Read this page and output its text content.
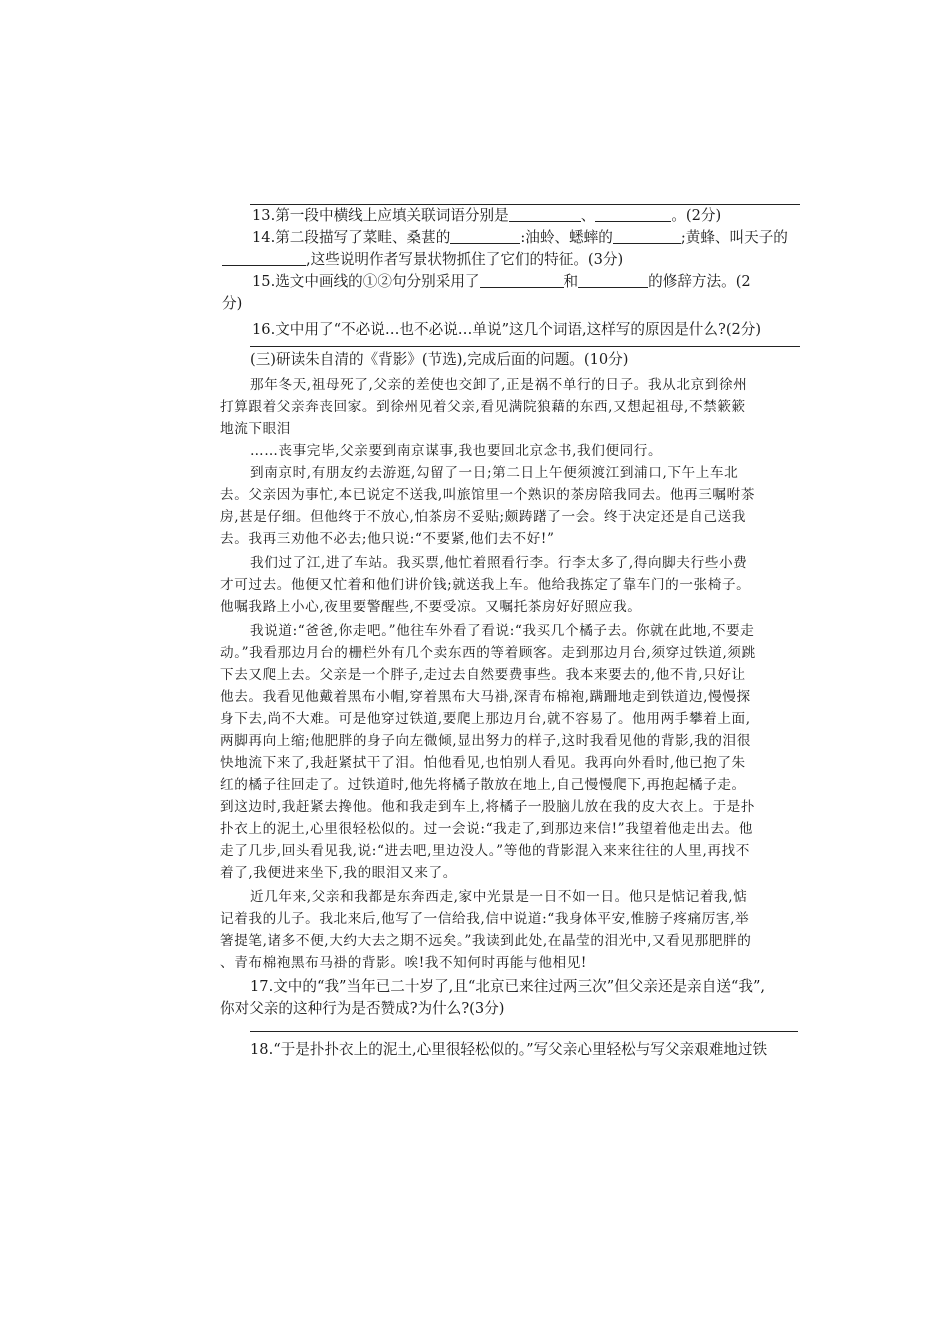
13.第一段中横线上应填关联词语分别是	、	。(2分)
14.第二段描写了菜畦、桑葚的	:油蛉、蟋蟀的	;黄蜂、叫天子的
,这些说明作者写景状物抓住了它们的特征。(3分)
15.选文中画线的①②句分别采用了	和	的修辞方法。(2
分)
16.文中用了“不必说…也不必说…单说”这几个词语,这样写的原因是什么?(2分)
(三)研读朱自清的《背影》(节选),完成后面的问题。(10分)
那年冬天,祖母死了,父亲的差使也交卸了,正是祸不单行的日子。我从北京到徐州
打算跟着父亲奔丧回家。到徐州见着父亲,看见满院狼藉的东西,又想起祖母,不禁簌簌
地流下眼泪
……丧事完毕,父亲要到南京谋事,我也要回北京念书,我们便同行。
到南京时,有朋友约去游逛,勾留了一日;第二日上午便须渡江到浦口,下午上车北
去。父亲因为事忙,本已说定不送我,叫旅馆里一个熟识的茶房陪我同去。他再三嘱咐茶
房,甚是仔细。但他终于不放心,怕茶房不妥贴;颇踌躇了一会。终于决定还是自己送我
去。我再三劝他不必去;他只说:“不要紧,他们去不好!”
我们过了江,进了车站。我买票,他忙着照看行李。行李太多了,得向脚夫行些小费
才可过去。他便又忙着和他们讲价钱;就送我上车。他给我拣定了靠车门的一张椅子。
他嘱我路上小心,夜里要警醒些,不要受凉。又嘱托茶房好好照应我。
我说道:“爸爸,你走吧。”他往车外看了看说:“我买几个橘子去。你就在此地,不要走
动。”我看那边月台的栅栏外有几个卖东西的等着顾客。走到那边月台,须穿过铁道,须跳
下去又爬上去。父亲是一个胖子,走过去自然要费事些。我本来要去的,他不肯,只好让
他去。我看见他戴着黑布小帽,穿着黑布大马褂,深青布棉袍,蹒跚地走到铁道边,慢慢探
身下去,尚不大难。可是他穿过铁道,要爬上那边月台,就不容易了。他用两手攀着上面,
两脚再向上缩;他肥胖的身子向左微倾,显出努力的样子,这时我看见他的背影,我的泪很
快地流下来了,我赶紧拭干了泪。怕他看见,也怕别人看见。我再向外看时,他已抱了朱
红的橘子往回走了。过铁道时,他先将橘子散放在地上,自己慢慢爬下,再抱起橘子走。
到这边时,我赶紧去搀他。他和我走到车上,将橘子一股脑儿放在我的皮大衣上。于是扑
扑衣上的泥土,心里很轻松似的。过一会说:“我走了,到那边来信!”我望着他走出去。他
走了几步,回头看见我,说:“进去吧,里边没人。”等他的背影混入来来往往的人里,再找不
着了,我便进来坐下,我的眼泪又来了。
近几年来,父亲和我都是东奔西走,家中光景是一日不如一日。他只是惦记着我,惦
记着我的儿子。我北来后,他写了一信给我,信中说道:“我身体平安,惟膀子疼痛厉害,举
箸提笔,诸多不便,大约大去之期不远矣。”我读到此处,在晶莹的泪光中,又看见那肥胖的
、青布棉袍黑布马褂的背影。唉!我不知何时再能与他相见!
17.文中的“我”当年已二十岁了,且“北京已来往过两三次”但父亲还是亲自送“我”,
你对父亲的这种行为是否赞成?为什么?(3分)
18.“于是扑扑衣上的泥土,心里很轻松似的。”写父亲心里轻松与写父亲艰难地过铁
